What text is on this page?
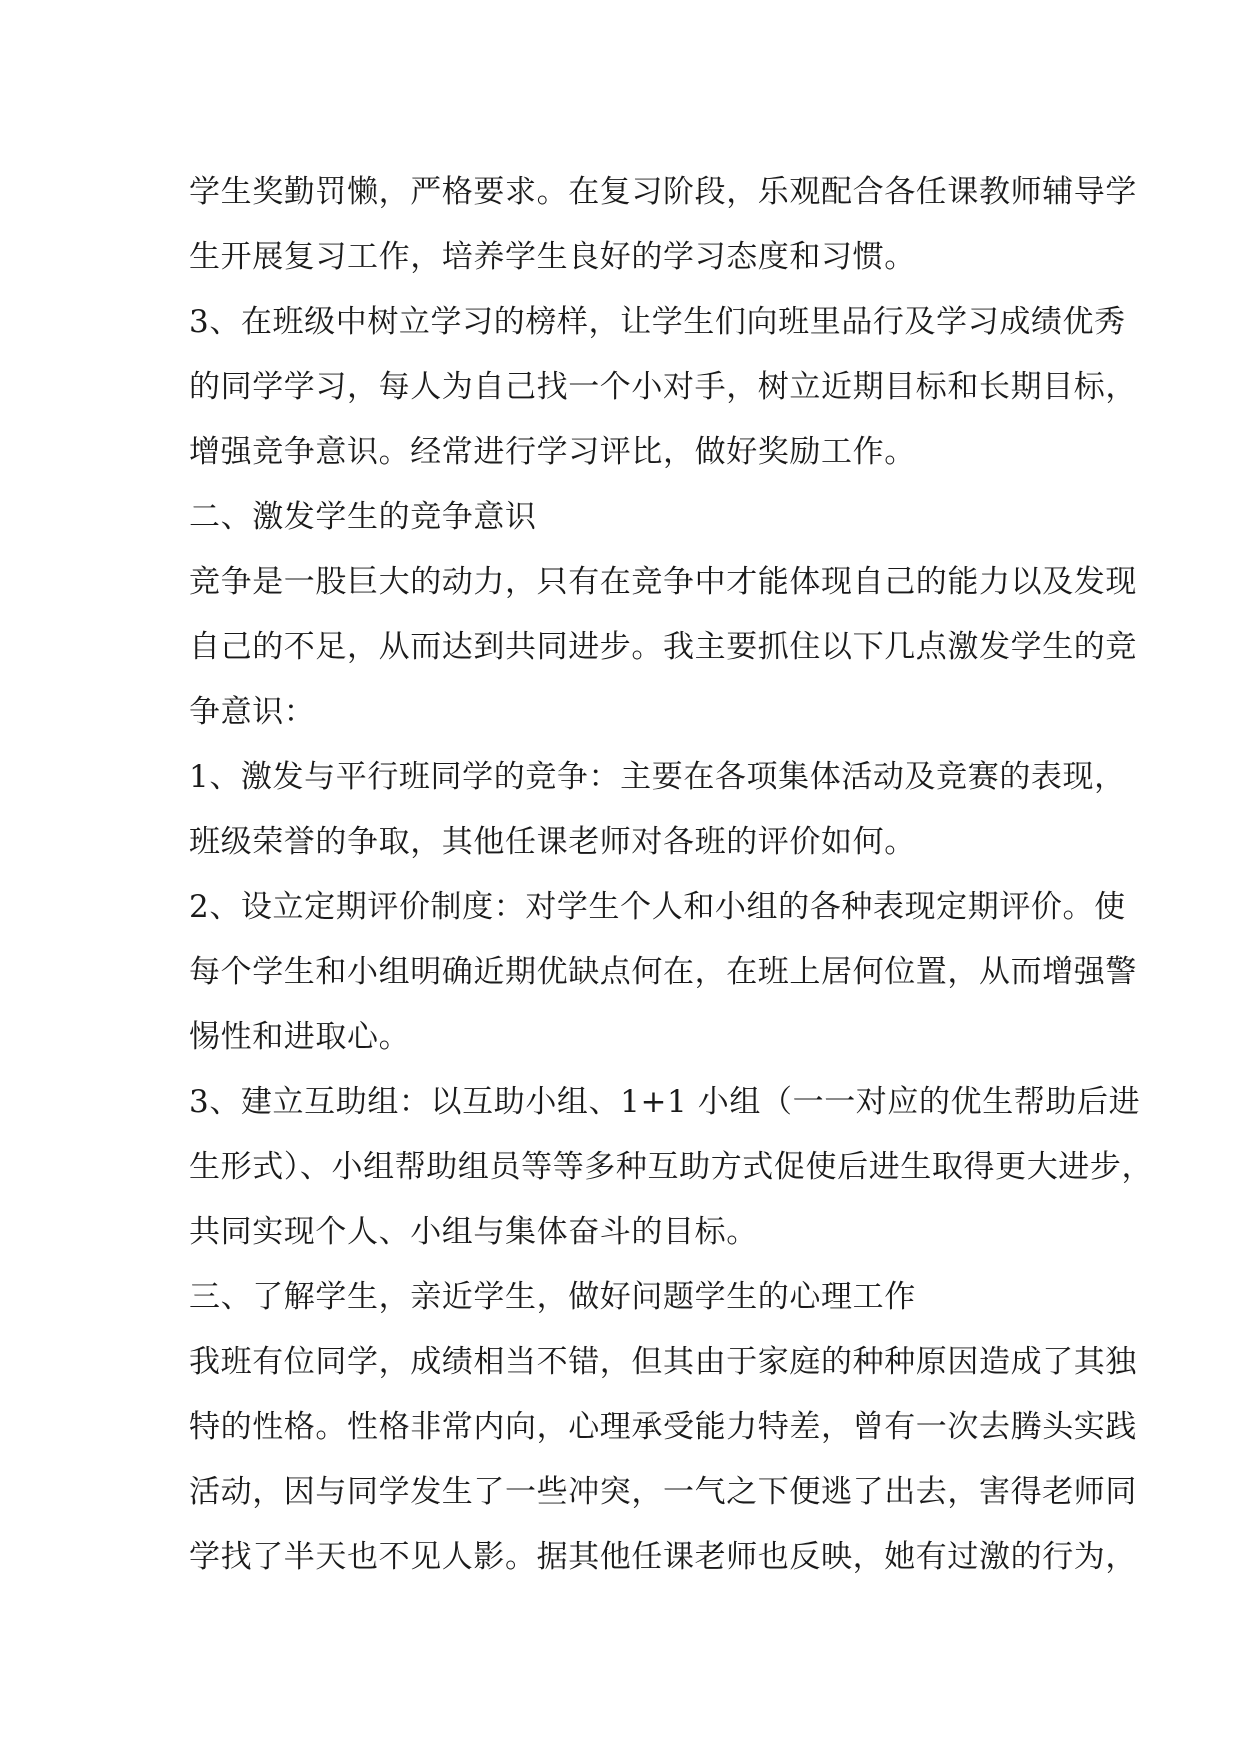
学生奖勤罚懒，严格要求。在复习阶段，乐观配合各任课教师辅导学
生开展复习工作，培养学生良好的学习态度和习惯。
3、在班级中树立学习的榜样，让学生们向班里品行及学习成绩优秀
的同学学习，每人为自己找一个小对手，树立近期目标和长期目标，
增强竞争意识。经常进行学习评比，做好奖励工作。
二、激发学生的竞争意识
竞争是一股巨大的动力，只有在竞争中才能体现自己的能力以及发现
自己的不足，从而达到共同进步。我主要抓住以下几点激发学生的竞
争意识：
1、激发与平行班同学的竞争：主要在各项集体活动及竞赛的表现，
班级荣誉的争取，其他任课老师对各班的评价如何。
2、设立定期评价制度：对学生个人和小组的各种表现定期评价。使
每个学生和小组明确近期优缺点何在，在班上居何位置，从而增强警
惕性和进取心。
3、建立互助组：以互助小组、1+1 小组（一一对应的优生帮助后进
生形式）、小组帮助组员等等多种互助方式促使后进生取得更大进步，
共同实现个人、小组与集体奋斗的目标。
三、了解学生，亲近学生，做好问题学生的心理工作
我班有位同学，成绩相当不错，但其由于家庭的种种原因造成了其独
特的性格。性格非常内向，心理承受能力特差，曾有一次去腾头实践
活动，因与同学发生了一些冲突，一气之下便逃了出去，害得老师同
学找了半天也不见人影。据其他任课老师也反映，她有过激的行为，
